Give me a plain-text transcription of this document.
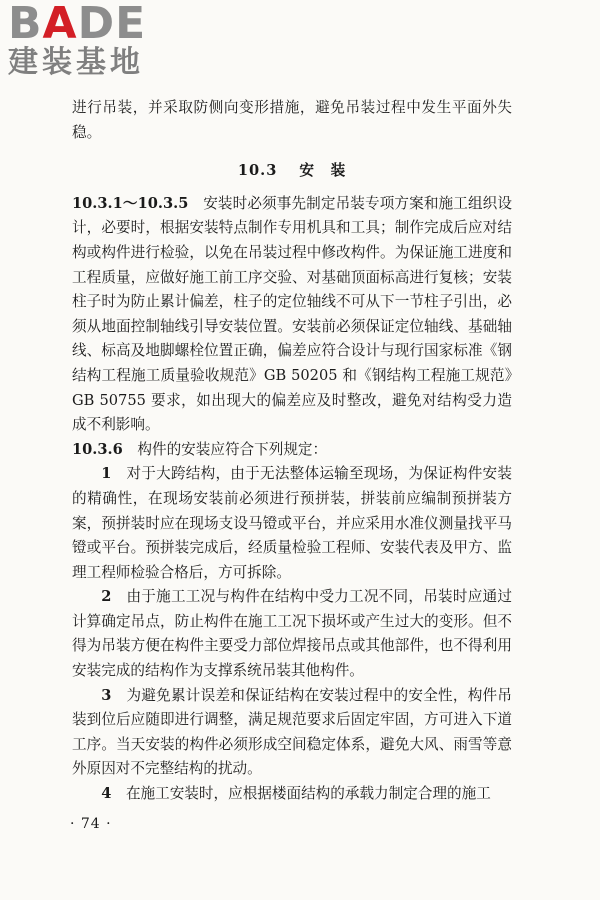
BADE
建装基地

进行吊装，并采取防侧向变形措施，避免吊装过程中发生平面外失稳。

10.3 安　装

10.3.1～10.3.5　 安装时必须事先制定吊装专项方案和施工组织设计，必要时，根据安装特点制作专用机具和工具；制作完成后应对结构或构件进行检验，以免在吊装过程中修改构件。为保证施工进度和工程质量，应做好施工前工序交验、对基础顶面标高进行复核；安装柱子时为防止累计偏差，柱子的定位轴线不可从下一节柱子引出，必须从地面控制轴线引导安装位置。安装前必须保证定位轴线、基础轴线、标高及地脚螺栓位置正确，偏差应符合设计与现行国家标准《钢结构工程施工质量验收规范》GB 50205 和《钢结构工程施工规范》GB 50755 要求，如出现大的偏差应及时整改，避免对结构受力造成不利影响。

10.3.6　 构件的安装应符合下列规定：

1　 对于大跨结构，由于无法整体运输至现场，为保证构件安装的精确性，在现场安装前必须进行预拼装，拼装前应编制预拼装方案，预拼装时应在现场支设马镫或平台，并应采用水准仪测量找平马镫或平台。预拼装完成后，经质量检验工程师、安装代表及甲方、监理工程师检验合格后，方可拆除。

2　 由于施工工况与构件在结构中受力工况不同，吊装时应通过计算确定吊点，防止构件在施工工况下损坏或产生过大的变形。但不得为吊装方便在构件主要受力部位焊接吊点或其他部件，也不得利用安装完成的结构作为支撑系统吊装其他构件。

3　 为避免累计误差和保证结构在安装过程中的安全性，构件吊装到位后应随即进行调整，满足规范要求后固定牢固，方可进入下道工序。当天安装的构件必须形成空间稳定体系，避免大风、雨雪等意外原因对不完整结构的扰动。

4　 在施工安装时，应根据楼面结构的承载力制定合理的施工

· 74 ·
